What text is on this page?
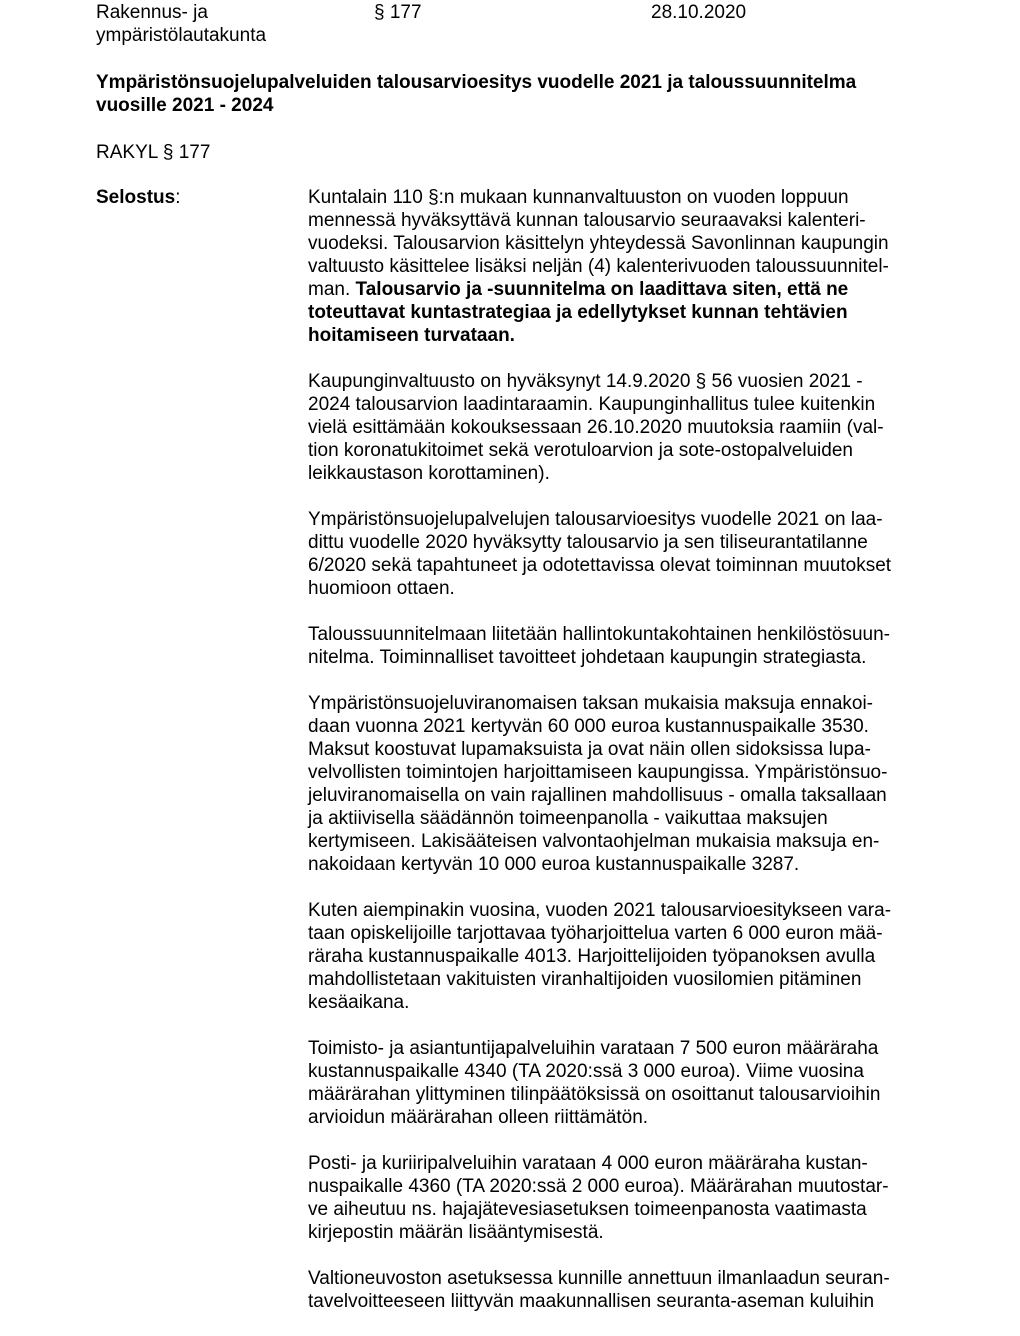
Rakennus- ja
ympäristölautakunta
§ 177	28.10.2020
Ympäristönsuojelupalveluiden talousarvioesitys vuodelle 2021 ja taloussuunnitelma
vuosille 2021 - 2024
RAKYL § 177
Selostus:	Kuntalain 110 §:n mukaan kunnanvaltuuston on vuoden loppuun
mennessä hyväksyttävä kunnan talousarvio seuraavaksi kalenteri-
vuodeksi. Talousarvion käsittelyn yhteydessä Savonlinnan kaupungin
valtuusto käsittelee lisäksi neljän (4) kalenterivuoden taloussuunnitel-
man. Talousarvio ja -suunnitelma on laadittava siten, että ne
toteuttavat kuntastrategiaa ja edellytykset kunnan tehtävien
hoitamiseen turvataan.

Kaupunginvaltuusto on hyväksynyt 14.9.2020 § 56 vuosien 2021 -
2024 talousarvion laadintaraamin. Kaupunginhallitus tulee kuitenkin
vielä esittämään kokouksessaan 26.10.2020 muutoksia raamiin (val-
tion koronatukitoimet sekä verotuloarvion ja sote-ostopalveluiden
leikkaustason korottaminen).

Ympäristönsuojelupalvelujen talousarvioesitys vuodelle 2021 on laa-
dittu vuodelle 2020 hyväksytty talousarvio ja sen tiliseurantatilanne
6/2020 sekä tapahtuneet ja odotettavissa olevat toiminnan muutokset
huomioon ottaen.

Taloussuunnitelmaan liitetään hallintokuntakohtainen henkilöstösuun-
nitelma. Toiminnalliset tavoitteet johdetaan kaupungin strategiasta.

Ympäristönsuojeluviranomaisen taksan mukaisia maksuja ennakoi-
daan vuonna 2021 kertyvän 60 000 euroa kustannuspaikalle 3530.
Maksut koostuvat lupamaksuista ja ovat näin ollen sidoksissa lupa-
velvollisten toimintojen harjoittamiseen kaupungissa. Ympäristönsuo-
jeluviranomaisella on vain rajallinen mahdollisuus - omalla taksallaan
ja aktiivisella säädännön toimeenpanolla - vaikuttaa maksujen
kertymiseen. Lakisääteisen valvontaohjelman mukaisia maksuja en-
nakoidaan kertyvän 10 000 euroa kustannuspaikalle 3287.

Kuten aiempinakin vuosina, vuoden 2021 talousarvioesitykseen vara-
taan opiskelijoille tarjottavaa työharjoittelua varten 6 000 euron mää-
räraha kustannuspaikalle 4013. Harjoittelijoiden työpanoksen avulla
mahdollistetaan vakituisten viranhaltijoiden vuosilomien pitäminen
kesäaikana.

Toimisto- ja asiantuntijapalveluihin varataan 7 500 euron määräraha
kustannuspaikalle 4340 (TA 2020:ssä 3 000 euroa). Viime vuosina
määrärahan ylittyminen tilinpäätöksissä on osoittanut talousarvioihin
arvioidun määrärahan olleen riittämätön.

Posti- ja kuriiripalveluihin varataan 4 000 euron määräraha kustan-
nuspaikalle 4360 (TA 2020:ssä 2 000 euroa). Määrärahan muutostar-
ve aiheutuu ns. hajajätevesiasetuksen toimeenpanosta vaatimasta
kirjepostin määrän lisääntymisestä.

Valtioneuvoston asetuksessa kunnille annettuun ilmanlaadun seuran-
tavelvoitteeseen liittyvän maakunnallisen seuranta-aseman kuluihin
